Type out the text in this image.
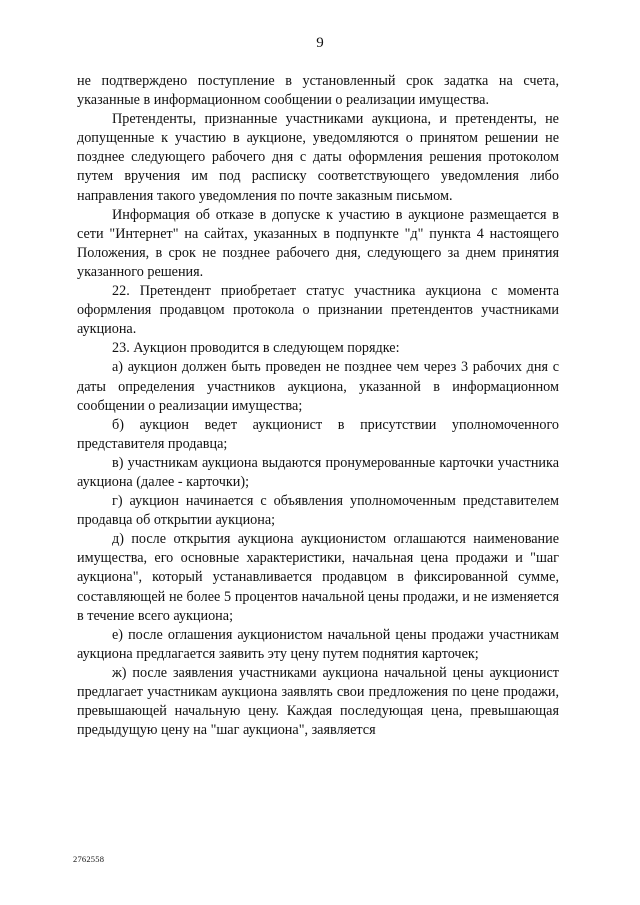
9

не подтверждено поступление в установленный срок задатка на счета, указанные в информационном сообщении о реализации имущества.

Претенденты, признанные участниками аукциона, и претенденты, не допущенные к участию в аукционе, уведомляются о принятом решении не позднее следующего рабочего дня с даты оформления решения протоколом путем вручения им под расписку соответствующего уведомления либо направления такого уведомления по почте заказным письмом.

Информация об отказе в допуске к участию в аукционе размещается в сети "Интернет" на сайтах, указанных в подпункте "д" пункта 4 настоящего Положения, в срок не позднее рабочего дня, следующего за днем принятия указанного решения.

22. Претендент приобретает статус участника аукциона с момента оформления продавцом протокола о признании претендентов участниками аукциона.

23. Аукцион проводится в следующем порядке:

а) аукцион должен быть проведен не позднее чем через 3 рабочих дня с даты определения участников аукциона, указанной в информационном сообщении о реализации имущества;

б) аукцион ведет аукционист в присутствии уполномоченного представителя продавца;

в) участникам аукциона выдаются пронумерованные карточки участника аукциона (далее - карточки);

г) аукцион начинается с объявления уполномоченным представителем продавца об открытии аукциона;

д) после открытия аукциона аукционистом оглашаются наименование имущества, его основные характеристики, начальная цена продажи и "шаг аукциона", который устанавливается продавцом в фиксированной сумме, составляющей не более 5 процентов начальной цены продажи, и не изменяется в течение всего аукциона;

е) после оглашения аукционистом начальной цены продажи участникам аукциона предлагается заявить эту цену путем поднятия карточек;

ж) после заявления участниками аукциона начальной цены аукционист предлагает участникам аукциона заявлять свои предложения по цене продажи, превышающей начальную цену. Каждая последующая цена, превышающая предыдущую цену на "шаг аукциона", заявляется

2762558
